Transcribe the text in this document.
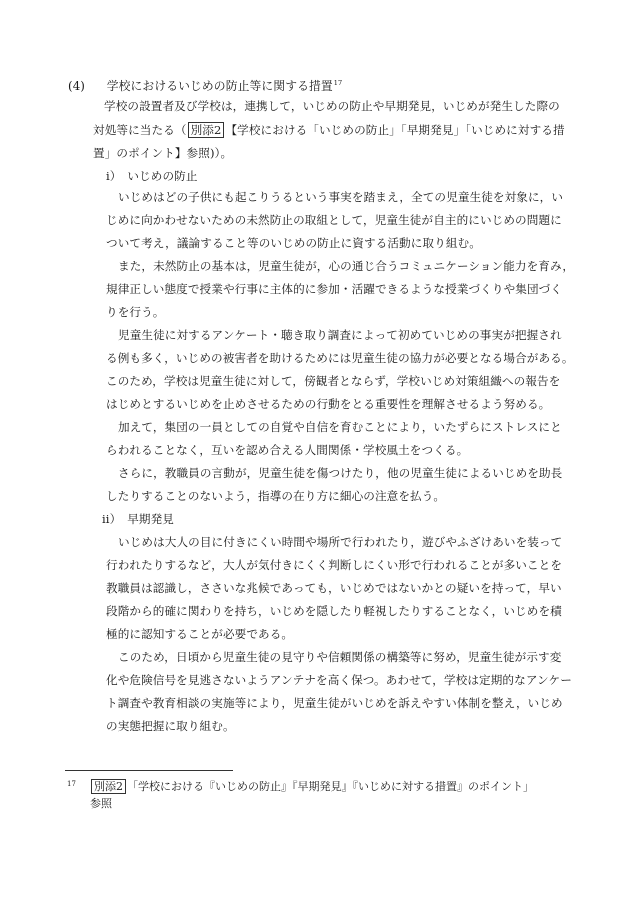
(4) 学校におけるいじめの防止等に関する措置$^{17}$
学校の設置者及び学校は，連携して，いじめの防止や早期発見，いじめが発生した際の
対処等に当たる（ 別添2 【学校における「いじめの防止」「早期発見」「いじめに対する措
置」のポイント】参照)）。
i）　いじめの防止
いじめはどの子供にも起こりうるという事実を踏まえ，全ての児童生徒を対象に，い
じめに向かわせないための未然防止の取組として，児童生徒が自主的にいじめの問題に
ついて考え，議論すること等のいじめの防止に資する活動に取り組む。
また，未然防止の基本は，児童生徒が，心の通じ合うコミュニケーション能力を育み，
規律正しい態度で授業や行事に主体的に参加・活躍できるような授業づくりや集団づく
りを行う。
児童生徒に対するアンケート・聴き取り調査によって初めていじめの事実が把握され
る例も多く，いじめの被害者を助けるためには児童生徒の協力が必要となる場合がある。
このため，学校は児童生徒に対して，傍観者とならず，学校いじめ対策組織への報告を
はじめとするいじめを止めさせるための行動をとる重要性を理解させるよう努める。
加えて，集団の一員としての自覚や自信を育むことにより，いたずらにストレスにと
らわれることなく，互いを認め合える人間関係・学校風土をつくる。
さらに，教職員の言動が，児童生徒を傷つけたり，他の児童生徒によるいじめを助長
したりすることのないよう，指導の在り方に細心の注意を払う。
ii）　早期発見
いじめは大人の目に付きにくい時間や場所で行われたり，遊びやふざけあいを装って
行われたりするなど，大人が気付きにくく判断しにくい形で行われることが多いことを
教職員は認識し，ささいな兆候であっても，いじめではないかとの疑いを持って，早い
段階から的確に関わりを持ち，いじめを隠したり軽視したりすることなく，いじめを積
極的に認知することが必要である。
このため，日頃から児童生徒の見守りや信頼関係の構築等に努め，児童生徒が示す変
化や危険信号を見逃さないようアンテナを高く保つ。あわせて，学校は定期的なアンケー
ト調査や教育相談の実施等により，児童生徒がいじめを訴えやすい体制を整え，いじめ
の実態把握に取り組む。
17	別添2 「学校における『いじめの防止』『早期発見』『いじめに対する措置』のポイント」
参照
